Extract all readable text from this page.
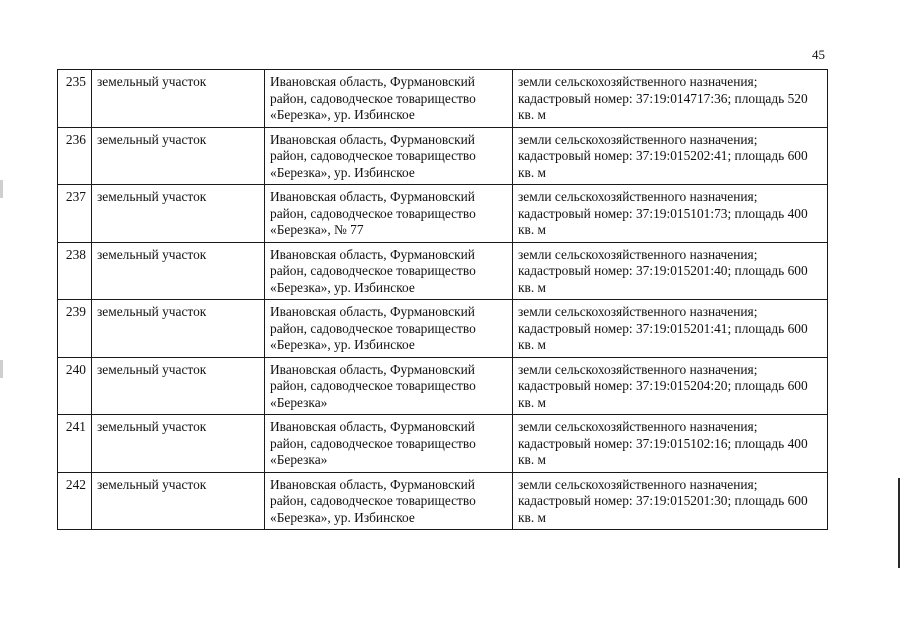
45
235	земельный участок	Ивановская область, Фурмановский район, садоводческое товарищество «Березка», ур. Избинское	земли сельскохозяйственного назначения; кадастровый номер: 37:19:014717:36; площадь 520 кв. м
236	земельный участок	Ивановская область, Фурмановский район, садоводческое товарищество «Березка», ур. Избинское	земли сельскохозяйственного назначения; кадастровый номер: 37:19:015202:41; площадь 600 кв. м
237	земельный участок	Ивановская область, Фурмановский район, садоводческое товарищество «Березка», № 77	земли сельскохозяйственного назначения; кадастровый номер: 37:19:015101:73; площадь 400 кв. м
238	земельный участок	Ивановская область, Фурмановский район, садоводческое товарищество «Березка», ур. Избинское	земли сельскохозяйственного назначения; кадастровый номер: 37:19:015201:40; площадь 600 кв. м
239	земельный участок	Ивановская область, Фурмановский район, садоводческое товарищество «Березка», ур. Избинское	земли сельскохозяйственного назначения; кадастровый номер: 37:19:015201:41; площадь 600 кв. м
240	земельный участок	Ивановская область, Фурмановский район, садоводческое товарищество «Березка»	земли сельскохозяйственного назначения; кадастровый номер: 37:19:015204:20; площадь 600 кв. м
241	земельный участок	Ивановская область, Фурмановский район, садоводческое товарищество «Березка»	земли сельскохозяйственного назначения; кадастровый номер: 37:19:015102:16; площадь 400 кв. м
242	земельный участок	Ивановская область, Фурмановский район, садоводческое товарищество «Березка», ур. Избинское	земли сельскохозяйственного назначения; кадастровый номер: 37:19:015201:30; площадь 600 кв. м
